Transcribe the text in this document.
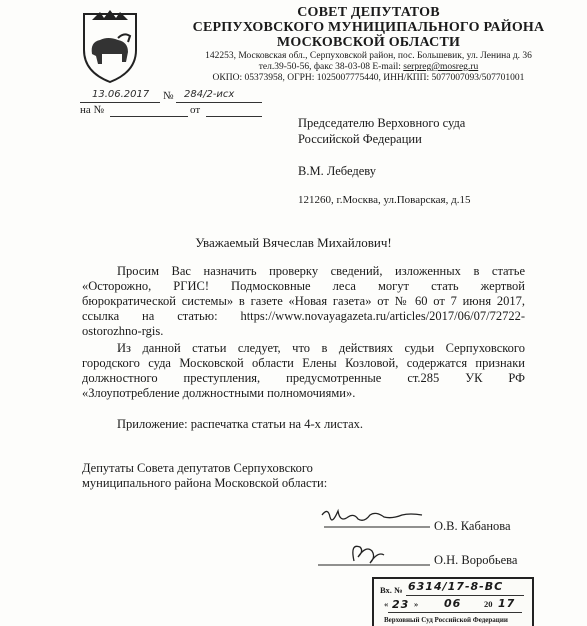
СОВЕТ ДЕПУТАТОВ
СЕРПУХОВСКОГО МУНИЦИПАЛЬНОГО РАЙОНА
МОСКОВСКОЙ ОБЛАСТИ
142253, Московская обл., Серпуховской район, пос. Большевик, ул. Ленина д. 36
тел.39-50-56, факс 38-03-08 E-mail: serpreg@mosreg.ru
ОКПО: 05373958, ОГРН: 1025007775440, ИНН/КПП: 5077007093/507701001
13.06.2017 № 284/2-иcx
на №	от
Председателю Верховного суда
Российской Федерации
В.М. Лебедеву
121260, г.Москва, ул.Поварская, д.15
Уважаемый Вячеслав Михайлович!
Просим Вас назначить проверку сведений, изложенных в статье
«Осторожно, РГИС! Подмосковные леса могут стать жертвой
бюрократической системы» в газете «Новая газета» от № 60 от 7 июня 2017,
ссылка на статью: https://www.novayagazeta.ru/articles/2017/06/07/72722-
ostorozhno-rgis.
Из данной статьи следует, что в действиях судьи Серпуховского
городского суда Московской области Елены Козловой, содержатся признаки
должностного преступления, предусмотренные ст.285 УК РФ
«Злоупотребление должностными полномочиями».
Приложение: распечатка статьи на 4-х листах.
Депутаты Совета депутатов Серпуховского
муниципального района Московской области:
О.В. Кабанова
О.Н. Воробьева
Вх. № 6314/17-8-BC
« 23 » 06	20 17
Верховный Суд Российской Федерации
